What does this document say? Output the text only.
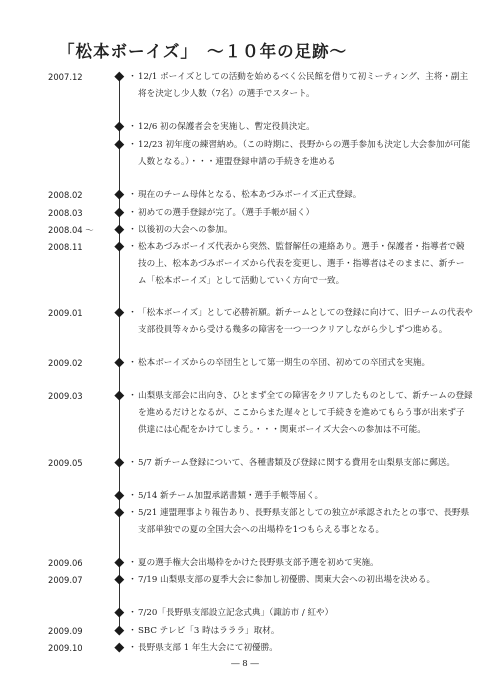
「松本ボーイズ」　～１０年の足跡～
2007.12	・ 12/1 ボーイズとしての活動を始めるべく公民館を借りて初ミーティング、主将・副主将を決定し少人数（7名）の選手でスタート。
・ 12/6 初の保護者会を実施し、暫定役員決定。
・ 12/23 初年度の練習納め。（この時期に、長野からの選手参加も決定し大会参加が可能人数となる。）・・・連盟登録申請の手続きを進める
2008.02	・ 現在のチーム母体となる、松本あづみボーイズ正式登録。
2008.03	・ 初めての選手登録が完了。（選手手帳が届く）
2008.04 ～	・ 以後初の大会への参加。
2008.11	・ 松本あづみボーイズ代表から突然、監督解任の連絡あり。選手・保護者・指導者で競技の上、松本あづみボーイズから代表を変更し、選手・指導者はそのままに、新チーム「松本ボーイズ」として活動していく方向で一致。
2009.01	・ 「松本ボーイズ」として必勝祈願。新チームとしての登録に向けて、旧チームの代表や支部役員等々から受ける幾多の障害を一つ一つクリアしながら少しずつ進める。
2009.02	・ 松本ボーイズからの卒団生として第一期生の卒団、初めての卒団式を実施。
2009.03	・ 山梨県支部会に出向き、ひとまず全ての障害をクリアしたものとして、新チームの登録を進めるだけとなるが、ここからまた遅々として手続きを進めてもらう事が出来ず子供達には心配をかけてしまう。・・・関東ボーイズ大会への参加は不可能。
2009.05	・ 5/7 新チーム登録について、各種書類及び登録に関する費用を山梨県支部に郵送。
・ 5/14 新チーム加盟承諾書類・選手手帳等届く。
・ 5/21 連盟理事より報告あり、長野県支部としての独立が承認されたとの事で、長野県支部単独での夏の全国大会への出場枠を1つもらえる事となる。
2009.06	・ 夏の選手権大会出場枠をかけた長野県支部予選を初めて実施。
2009.07	・ 7/19 山梨県支部の夏季大会に参加し初優勝、関東大会への初出場を決める。
・ 7/20「長野県支部設立記念式典」（諏訪市 / 紅や）
2009.09	・ SBC テレビ「3 時はラララ」取材。
2009.10	・ 長野県支部 1 年生大会にて初優勝。
― 8 ―
